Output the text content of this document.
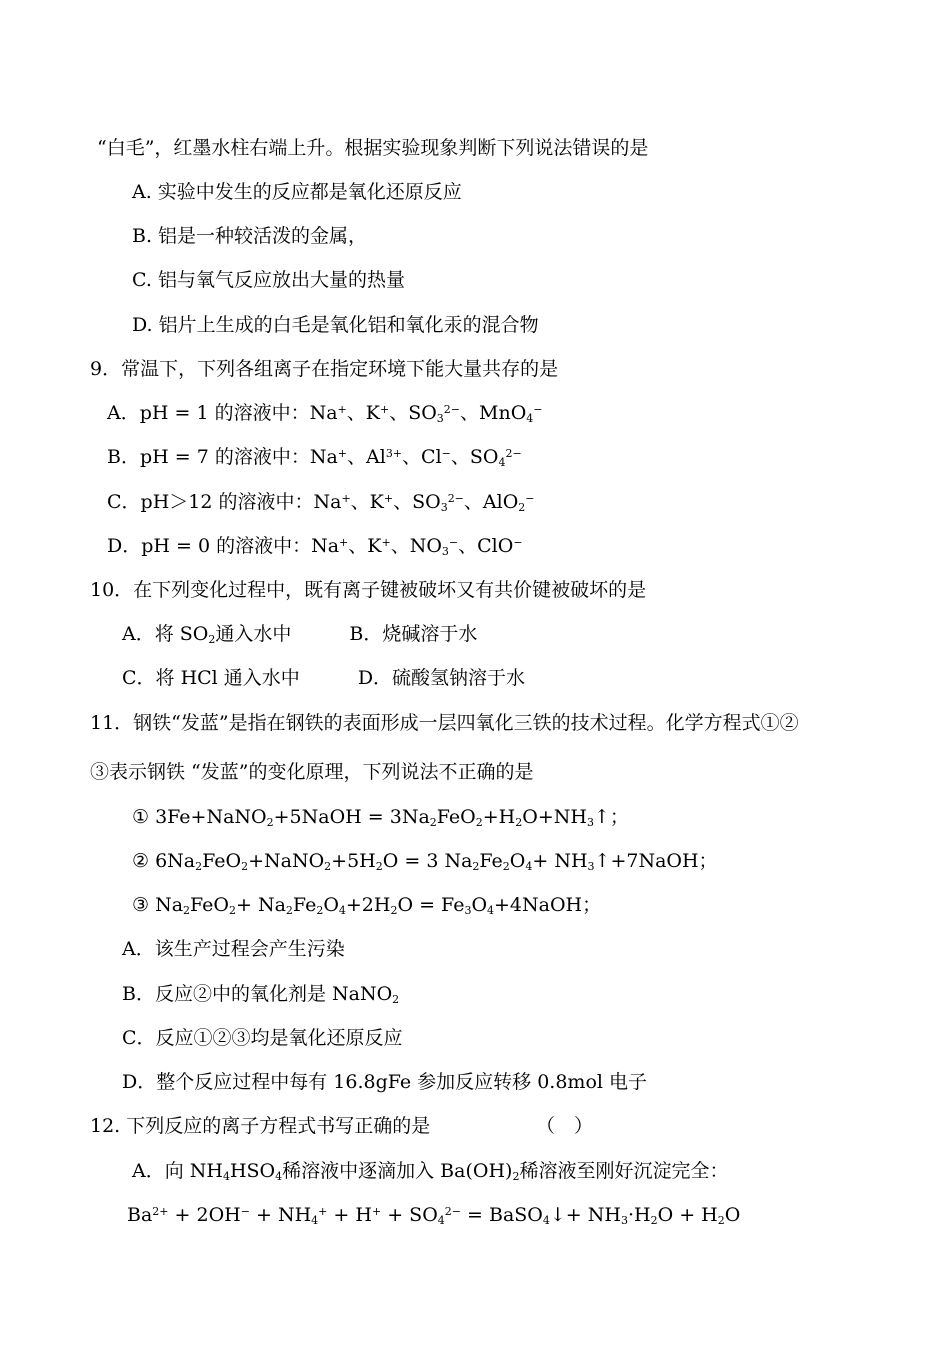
“白毛”，红墨水柱右端上升。根据实验现象判断下列说法错误的是
A. 实验中发生的反应都是氧化还原反应
B. 铝是一种较活泼的金属，
C. 铝与氧气反应放出大量的热量
D. 铝片上生成的白毛是氧化铝和氧化汞的混合物
9．常温下，下列各组离子在指定环境下能大量共存的是
A．pH = 1 的溶液中：Na+、K+、$SO_3^{2-}$、MnO$_4$−
B．pH = 7 的溶液中：Na+、$Al^{3+}$、Cl−、$SO_4^{2-}$
C．pH＞12 的溶液中：Na+、K+、$SO_3^{2-}$、AlO$_2$−
D．pH = 0 的溶液中：Na+、K+、$NO_3^-$、ClO−
10．在下列变化过程中，既有离子键被破坏又有共价键被破坏的是
A．将 $SO_2$通入水中	B．烧碱溶于水
C．将 HCl 通入水中	D．硫酸氢钠溶于水
11．钢铁“发蓝”是指在钢铁的表面形成一层四氧化三铁的技术过程。化学方程式①②
③表示钢铁 “发蓝”的变化原理，下列说法不正确的是
① 3Fe+NaNO$_2$+5NaOH = $3Na_2FeO_2+H_2O+NH_3↑$；
② $6Na_2FeO_2+NaNO_2+5H_2O = 3$ $Na_2Fe_2O_4+$ $NH_3↑+7NaOH$；
③ $Na_2FeO_2+ Na_2Fe_2O_4+2H_2O$ = $Fe_3O_4+4NaOH$；
A．该生产过程会产生污染
B．反应②中的氧化剂是 NaNO$_2$
C．反应①②③均是氧化还原反应
D．整个反应过程中每有 16.8gFe 参加反应转移 0.8mol 电子
12. 下列反应的离子方程式书写正确的是	（　）
A．向 $NH_4HSO_4$稀溶液中逐滴加入 $Ba(OH)_2$稀溶液至刚好沉淀完全：
$Ba^{2+} + 2OH^- + NH_4^+ + H^+ + SO_4^{2-}$ = BaSO$_4$↓+ $NH_3\cdot H_2O + H_2O$
